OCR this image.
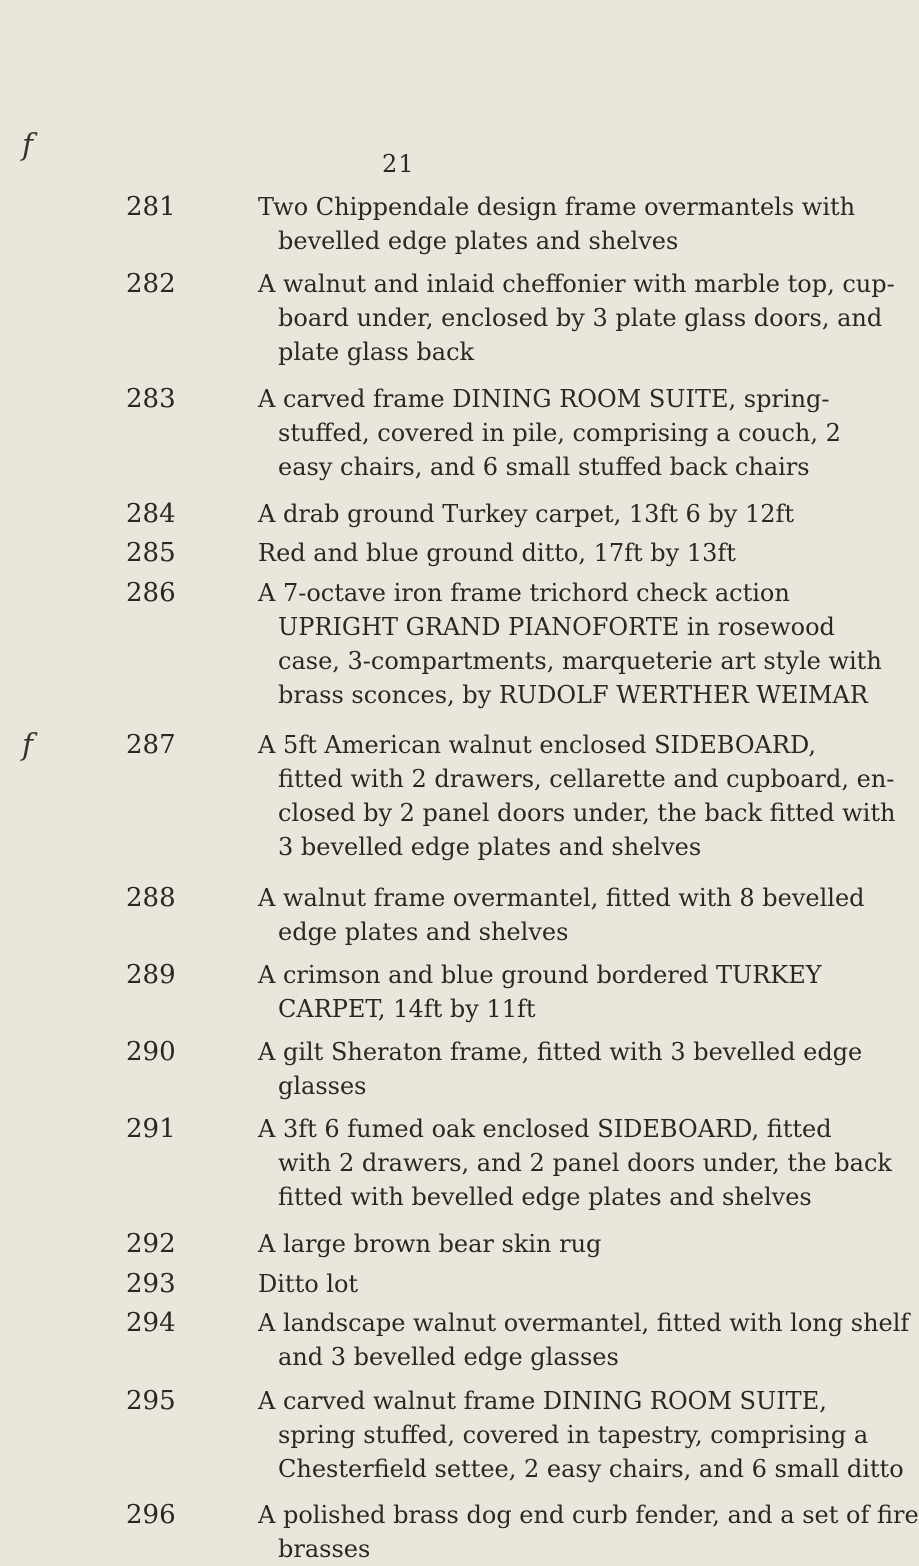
21
f
f
281	Two Chippendale design frame overmantels with
bevelled edge plates and shelves
282	A walnut and inlaid cheffonier with marble top, cup-
board under, enclosed by 3 plate glass doors, and
plate glass back
283	A carved frame DINING ROOM SUITE, spring-
stuffed, covered in pile, comprising a couch, 2
easy chairs, and 6 small stuffed back chairs
284	A drab ground Turkey carpet, 13ft 6 by 12ft
285	Red and blue ground ditto, 17ft by 13ft
286	A 7-octave iron frame trichord check action
UPRIGHT GRAND PIANOFORTE in rosewood
case, 3-compartments, marqueterie art style with
brass sconces, by RUDOLF WERTHER WEIMAR
287	A 5ft American walnut enclosed SIDEBOARD,
fitted with 2 drawers, cellarette and cupboard, en-
closed by 2 panel doors under, the back fitted with
3 bevelled edge plates and shelves
288	A walnut frame overmantel, fitted with 8 bevelled
edge plates and shelves
289	A crimson and blue ground bordered TURKEY
CARPET, 14ft by 11ft
290	A gilt Sheraton frame, fitted with 3 bevelled edge
glasses
291	A 3ft 6 fumed oak enclosed SIDEBOARD, fitted
with 2 drawers, and 2 panel doors under, the back
fitted with bevelled edge plates and shelves
292	A large brown bear skin rug
293	Ditto lot
294	A landscape walnut overmantel, fitted with long shelf
and 3 bevelled edge glasses
295	A carved walnut frame DINING ROOM SUITE,
spring stuffed, covered in tapestry, comprising a
Chesterfield settee, 2 easy chairs, and 6 small ditto
296	A polished brass dog end curb fender, and a set of fire
brasses
